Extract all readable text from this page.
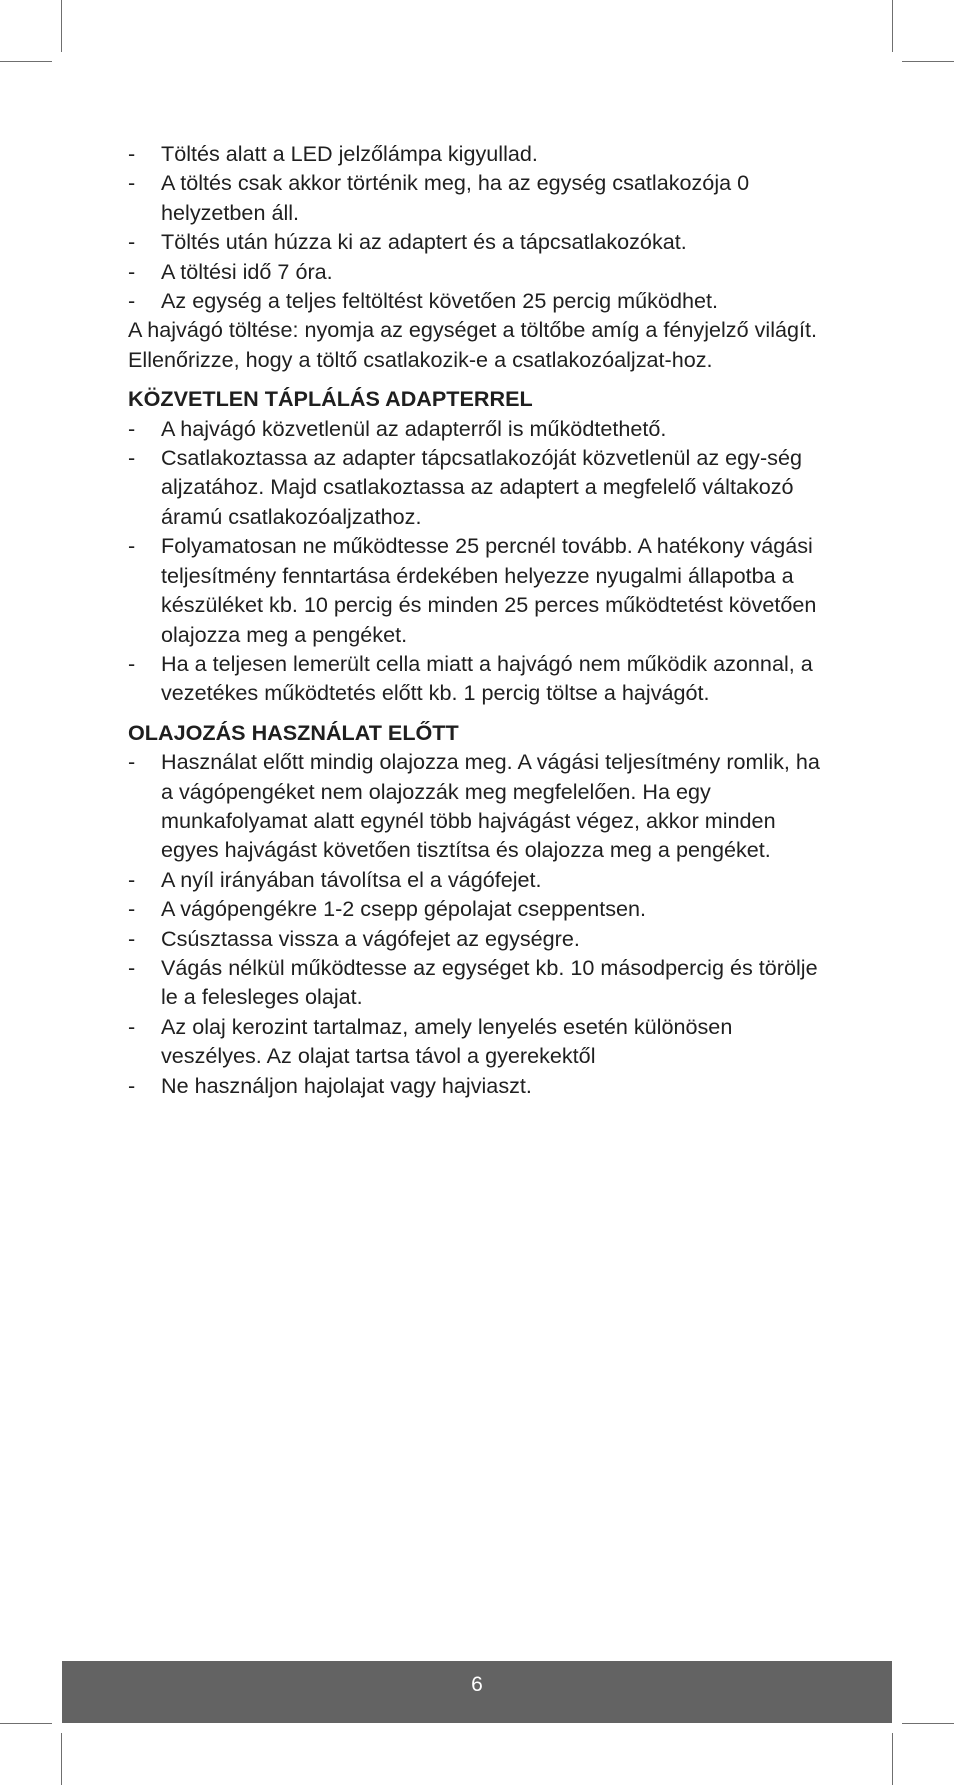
- Töltés alatt a LED jelzőlámpa kigyullad.
- A töltés csak akkor történik meg, ha az egység csatlakozója 0 helyzetben áll.
- Töltés után húzza ki az adaptert és a tápcsatlakozókat.
- A töltési idő 7 óra.
- Az egység a teljes feltöltést követően 25 percig működhet.

A hajvágó töltése: nyomja az egységet a töltőbe amíg a fényjelző világít. Ellenőrizze, hogy a töltő csatlakozik-e a csatlakozóaljzat-hoz.

KÖZVETLEN TÁPLÁLÁS ADAPTERREL
- A hajvágó közvetlenül az adapterről is működtethető.
- Csatlakoztassa az adapter tápcsatlakozóját közvetlenül az egy-ség aljzatához. Majd csatlakoztassa az adaptert a megfelelő váltakozó áramú csatlakozóaljzathoz.
- Folyamatosan ne működtesse 25 percnél tovább. A hatékony vágási teljesítmény fenntartása érdekében helyezze nyugalmi állapotba a készüléket kb. 10 percig és minden 25 perces működtetést követően olajozza meg a pengéket.
- Ha a teljesen lemerült cella miatt a hajvágó nem működik azonnal, a vezetékes működtetés előtt kb. 1 percig töltse a hajvágót.
OLAJOZÁS HASZNÁLAT ELŐTT
- Használat előtt mindig olajozza meg. A vágási teljesítmény romlik, ha a vágópengéket nem olajozzák meg megfelelően. Ha egy munkafolyamat alatt egynél több hajvágást végez, akkor minden egyes hajvágást követően tisztítsa és olajozza meg a pengéket.
- A nyíl irányában távolítsa el a vágófejet.
- A vágópengékre 1-2 csepp gépolajat cseppentsen.
- Csúsztassa vissza a vágófejet az egységre.
- Vágás nélkül működtesse az egységet kb. 10 másodpercig és törölje le a felesleges olajat.
- Az olaj kerozint tartalmaz, amely lenyelés esetén különösen veszélyes. Az olajat tartsa távol a gyerekektől
- Ne használjon hajolajat vagy hajviaszt.
6
